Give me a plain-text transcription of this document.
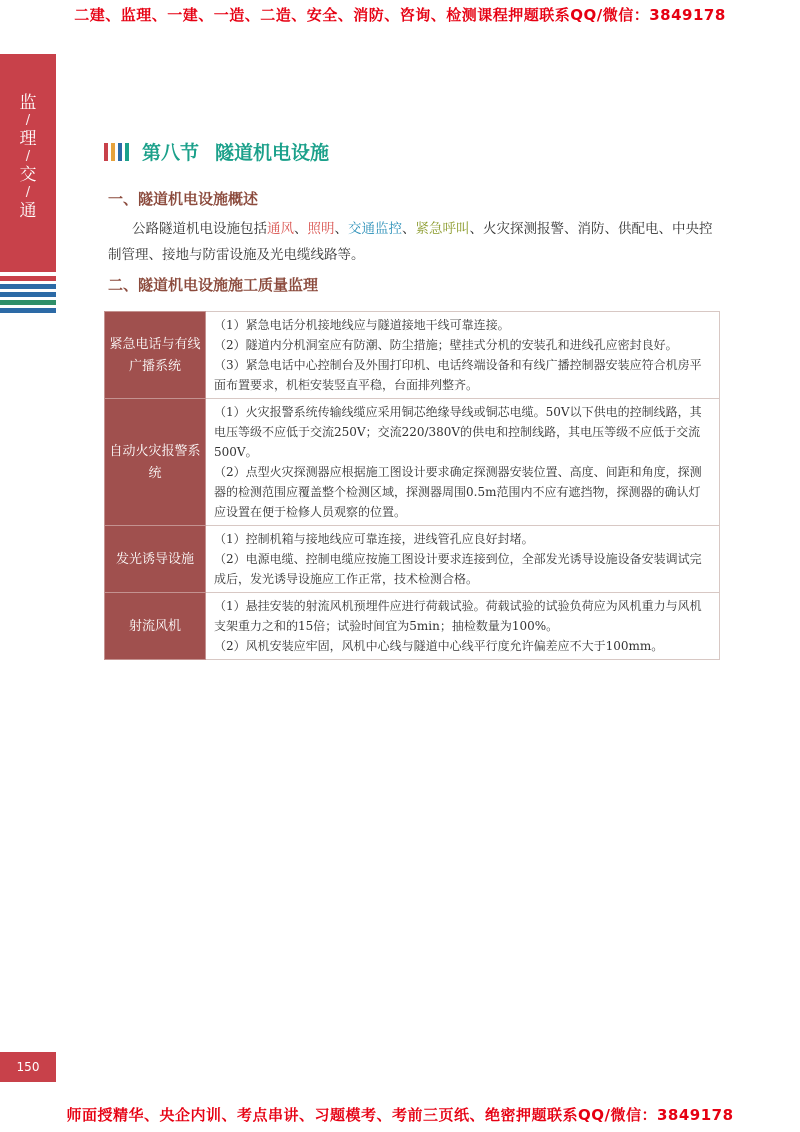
二建、监理、一建、一造、二造、安全、消防、咨询、检测课程押题联系QQ/微信：3849178
监
/
理
/
交
/
通
第八节 隧道机电设施
一、隧道机电设施概述
公路隧道机电设施包括通风、照明、交通监控、紧急呼叫、火灾探测报警、消防、供配电、中央控制管理、接地与防雷设施及光电缆线路等。
二、隧道机电设施施工质量监理
紧急电话与有线广播系统	（1）紧急电话分机接地线应与隧道接地干线可靠连接。
（2）隧道内分机洞室应有防潮、防尘措施；壁挂式分机的安装孔和进线孔应密封良好。
（3）紧急电话中心控制台及外围打印机、电话终端设备和有线广播控制器安装应符合机房平面布置要求，机柜安装竖直平稳，台面排列整齐。

自动火灾报警系统	（1）火灾报警系统传输线缆应采用铜芯绝缘导线或铜芯电缆。50V以下供电的控制线路，其电压等级不应低于交流250V；交流220/380V的供电和控制线路，其电压等级不应低于交流500V。
（2）点型火灾探测器应根据施工图设计要求确定探测器安装位置、高度、间距和角度，探测器的检测范围应覆盖整个检测区域，探测器周围0.5m范围内不应有遮挡物，探测器的确认灯应设置在便于检修人员观察的位置。

发光诱导设施	（1）控制机箱与接地线应可靠连接，进线管孔应良好封堵。
（2）电源电缆、控制电缆应按施工图设计要求连接到位，全部发光诱导设施设备安装调试完成后，发光诱导设施应工作正常，技术检测合格。

射流风机	（1）悬挂安装的射流风机预埋件应进行荷载试验。荷载试验的试验负荷应为风机重力与风机支架重力之和的15倍；试验时间宜为5min；抽检数量为100%。
（2）风机安装应牢固，风机中心线与隧道中心线平行度允许偏差应不大于100mm。
150
师面授精华、央企内训、考点串讲、习题模考、考前三页纸、绝密押题联系QQ/微信：3849178
